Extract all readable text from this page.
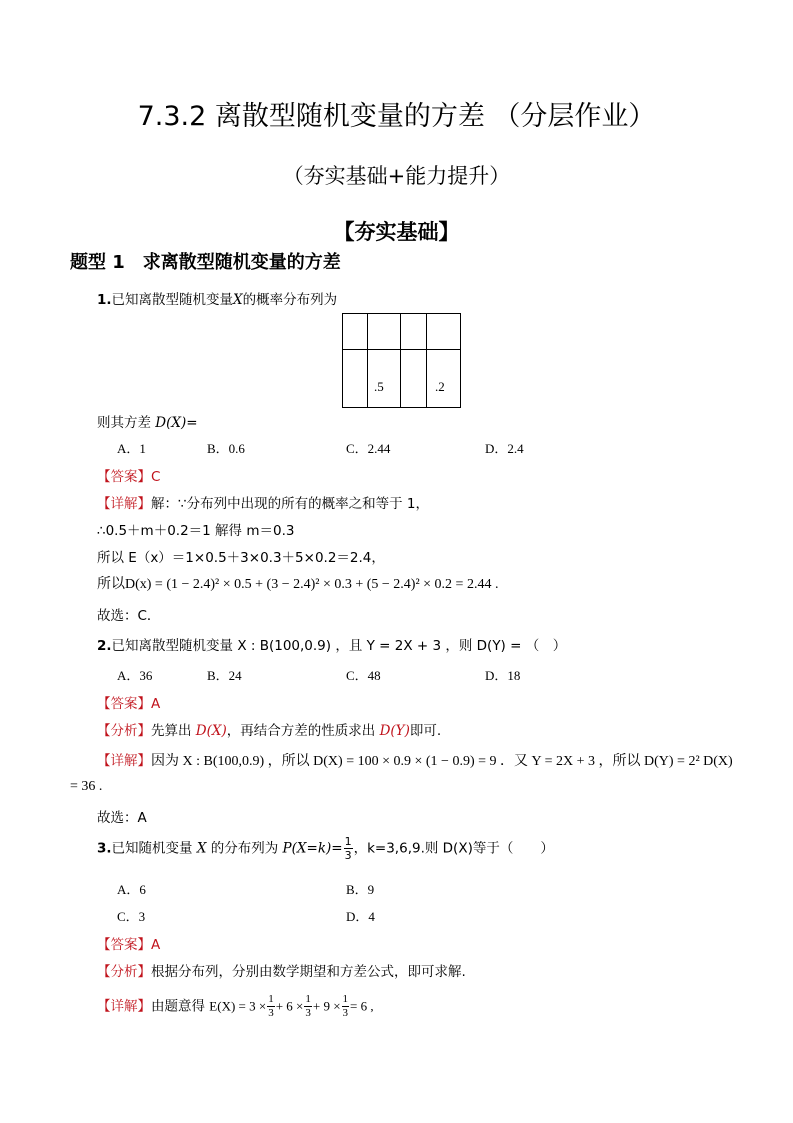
7.3.2 离散型随机变量的方差 （分层作业）
（夯实基础+能力提升）
【夯实基础】
题型 1　求离散型随机变量的方差
1.已知离散型随机变量X的概率分布列为

	.5		.2
则其方差 D(X)=
A．1	B．0.6	C．2.44	D．2.4
【答案】C
【详解】解：∵分布列中出现的所有的概率之和等于 1，
∴0.5＋m＋0.2＝1 解得 m＝0.3
所以 E（x）＝1×0.5＋3×0.3＋5×0.2＝2.4，
所以D(x) = (1 − 2.4)² × 0.5 + (3 − 2.4)² × 0.3 + (5 − 2.4)² × 0.2 = 2.44 .
故选：C．
2.已知离散型随机变量 X : B(100,0.9) ，且 Y = 2X + 3 ，则 D(Y) = （　）
A．36	B．24	C．48	D．18
【答案】A
【分析】先算出 D(X)，再结合方差的性质求出 D(Y)即可.
【详解】因为 X : B(100,0.9) ，所以 D(X) = 100 × 0.9 × (1 − 0.9) = 9 ．又 Y = 2X + 3 ，所以 D(Y) = 2² D(X)
= 36 .
故选：A
3.已知随机变量 X 的分布列为 $P(X=k)= \frac{1}{3}$ ，k=3,6,9.则 D(X)等于（　　）
A．6	B．9
C．3	D．4
【答案】A
【分析】根据分布列，分别由数学期望和方差公式，即可求解.
【详解】由题意得 $E(X) = 3 \times \frac{1}{3} + 6 \times \frac{1}{3} + 9 \times \frac{1}{3} = 6$ ,
